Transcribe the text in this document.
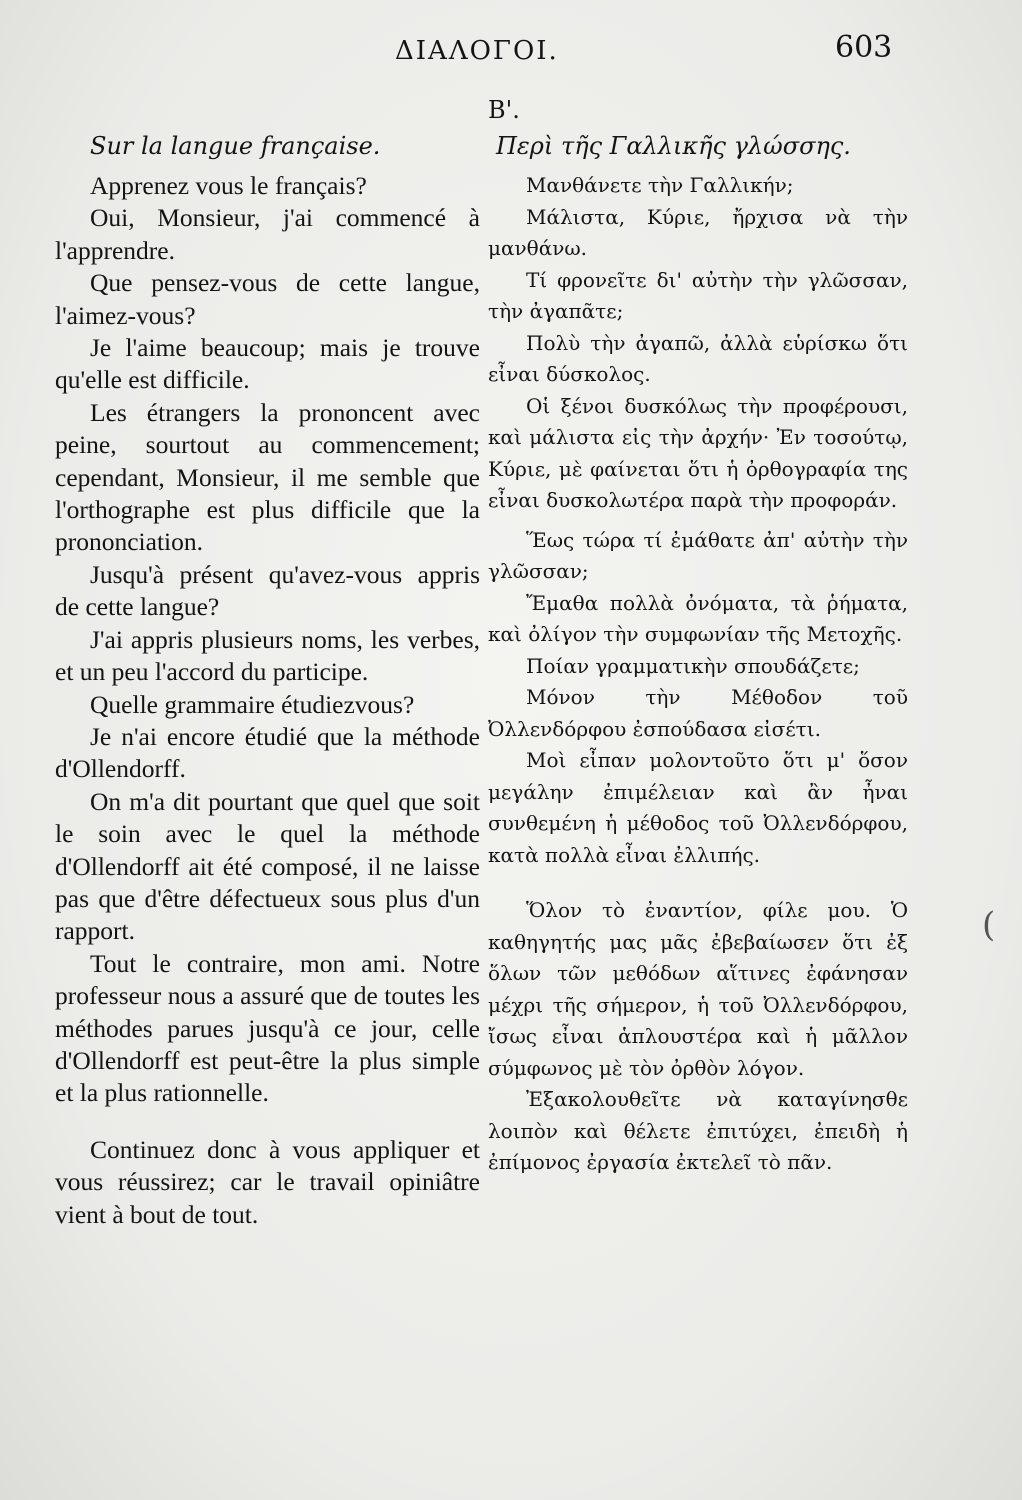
ΔΙΑΛΟΓΟΙ.	603
B'.

Sur la langue française.

Apprenez vous le français?

Oui, Monsieur, j'ai commencé à l'apprendre.

Que pensez-vous de cette langue, l'aimez-vous?

Je l'aime beaucoup; mais je trouve qu'elle est difficile.

Les étrangers la prononcent avec peine, sourtout au commencement; cependant, Monsieur, il me semble que l'orthographe est plus difficile que la prononciation.

Jusqu'à présent qu'avez-vous appris de cette langue?

J'ai appris plusieurs noms, les verbes, et un peu l'accord du participe.

Quelle grammaire étudiezvous?

Je n'ai encore étudié que la méthode d'Ollendorff.

On m'a dit pourtant que quel que soit le soin avec le quel la méthode d'Ollendorff ait été composé, il ne laisse pas que d'être défectueux sous plus d'un rapport.

Tout le contraire, mon ami. Notre professeur nous a assuré que de toutes les méthodes parues jusqu'à ce jour, celle d'Ollendorff est peut-être la plus simple et la plus rationnelle.

Continuez donc à vous appliquer et vous réussirez; car le travail opiniâtre vient à bout de tout.

Περὶ τῆς Γαλλικῆς γλώσσης.

Μανθάνετε τὴν Γαλλικήν;

Μάλιστα, Κύριε, ἤρχισα νὰ τὴν μανθάνω.

Τί φρονεῖτε δι' αὐτὴν τὴν γλῶσσαν, τὴν ἀγαπᾶτε;

Πολὺ τὴν ἀγαπῶ, ἀλλὰ εὑρίσκω ὅτι εἶναι δύσκολος.

Οἱ ξένοι δυσκόλως τὴν προφέρουσι, καὶ μάλιστα εἰς τὴν ἀρχήν· Ἐν τοσούτῳ, Κύριε, μὲ φαίνεται ὅτι ἡ ὀρθογραφία της εἶναι δυσκολωτέρα παρὰ τὴν προφοράν.

Ἕως τώρα τί ἐμάθατε ἀπ' αὐτὴν τὴν γλῶσσαν;

Ἔμαθα πολλὰ ὀνόματα, τὰ ῥήματα, καὶ ὀλίγον τὴν συμφωνίαν τῆς Μετοχῆς.

Ποίαν γραμματικὴν σπουδάζετε;

Μόνον τὴν Μέθοδον τοῦ Ὀλλενδόρφου ἐσπούδασα εἰσέτι.

Μοὶ εἶπαν μολοντοῦτο ὅτι μ' ὅσον μεγάλην ἐπιμέλειαν καὶ ἂν ἦναι συνθεμένη ἡ μέθοδος τοῦ Ὀλλενδόρφου, κατὰ πολλὰ εἶναι ἐλλιπής.

Ὅλον τὸ ἐναντίον, φίλε μου. Ὁ καθηγητής μας μᾶς ἐβεβαίωσεν ὅτι ἐξ ὅλων τῶν μεθόδων αἵτινες ἐφάνησαν μέχρι τῆς σήμερον, ἡ τοῦ Ὀλλενδόρφου, ἴσως εἶναι ἁπλουστέρα καὶ ἡ μᾶλλον σύμφωνος μὲ τὸν ὀρθὸν λόγον.

Ἐξακολουθεῖτε νὰ καταγίνησθε λοιπὸν καὶ θέλετε ἐπιτύχει, ἐπειδὴ ἡ ἐπίμονος ἐργασία ἐκτελεῖ τὸ πᾶν.

(
